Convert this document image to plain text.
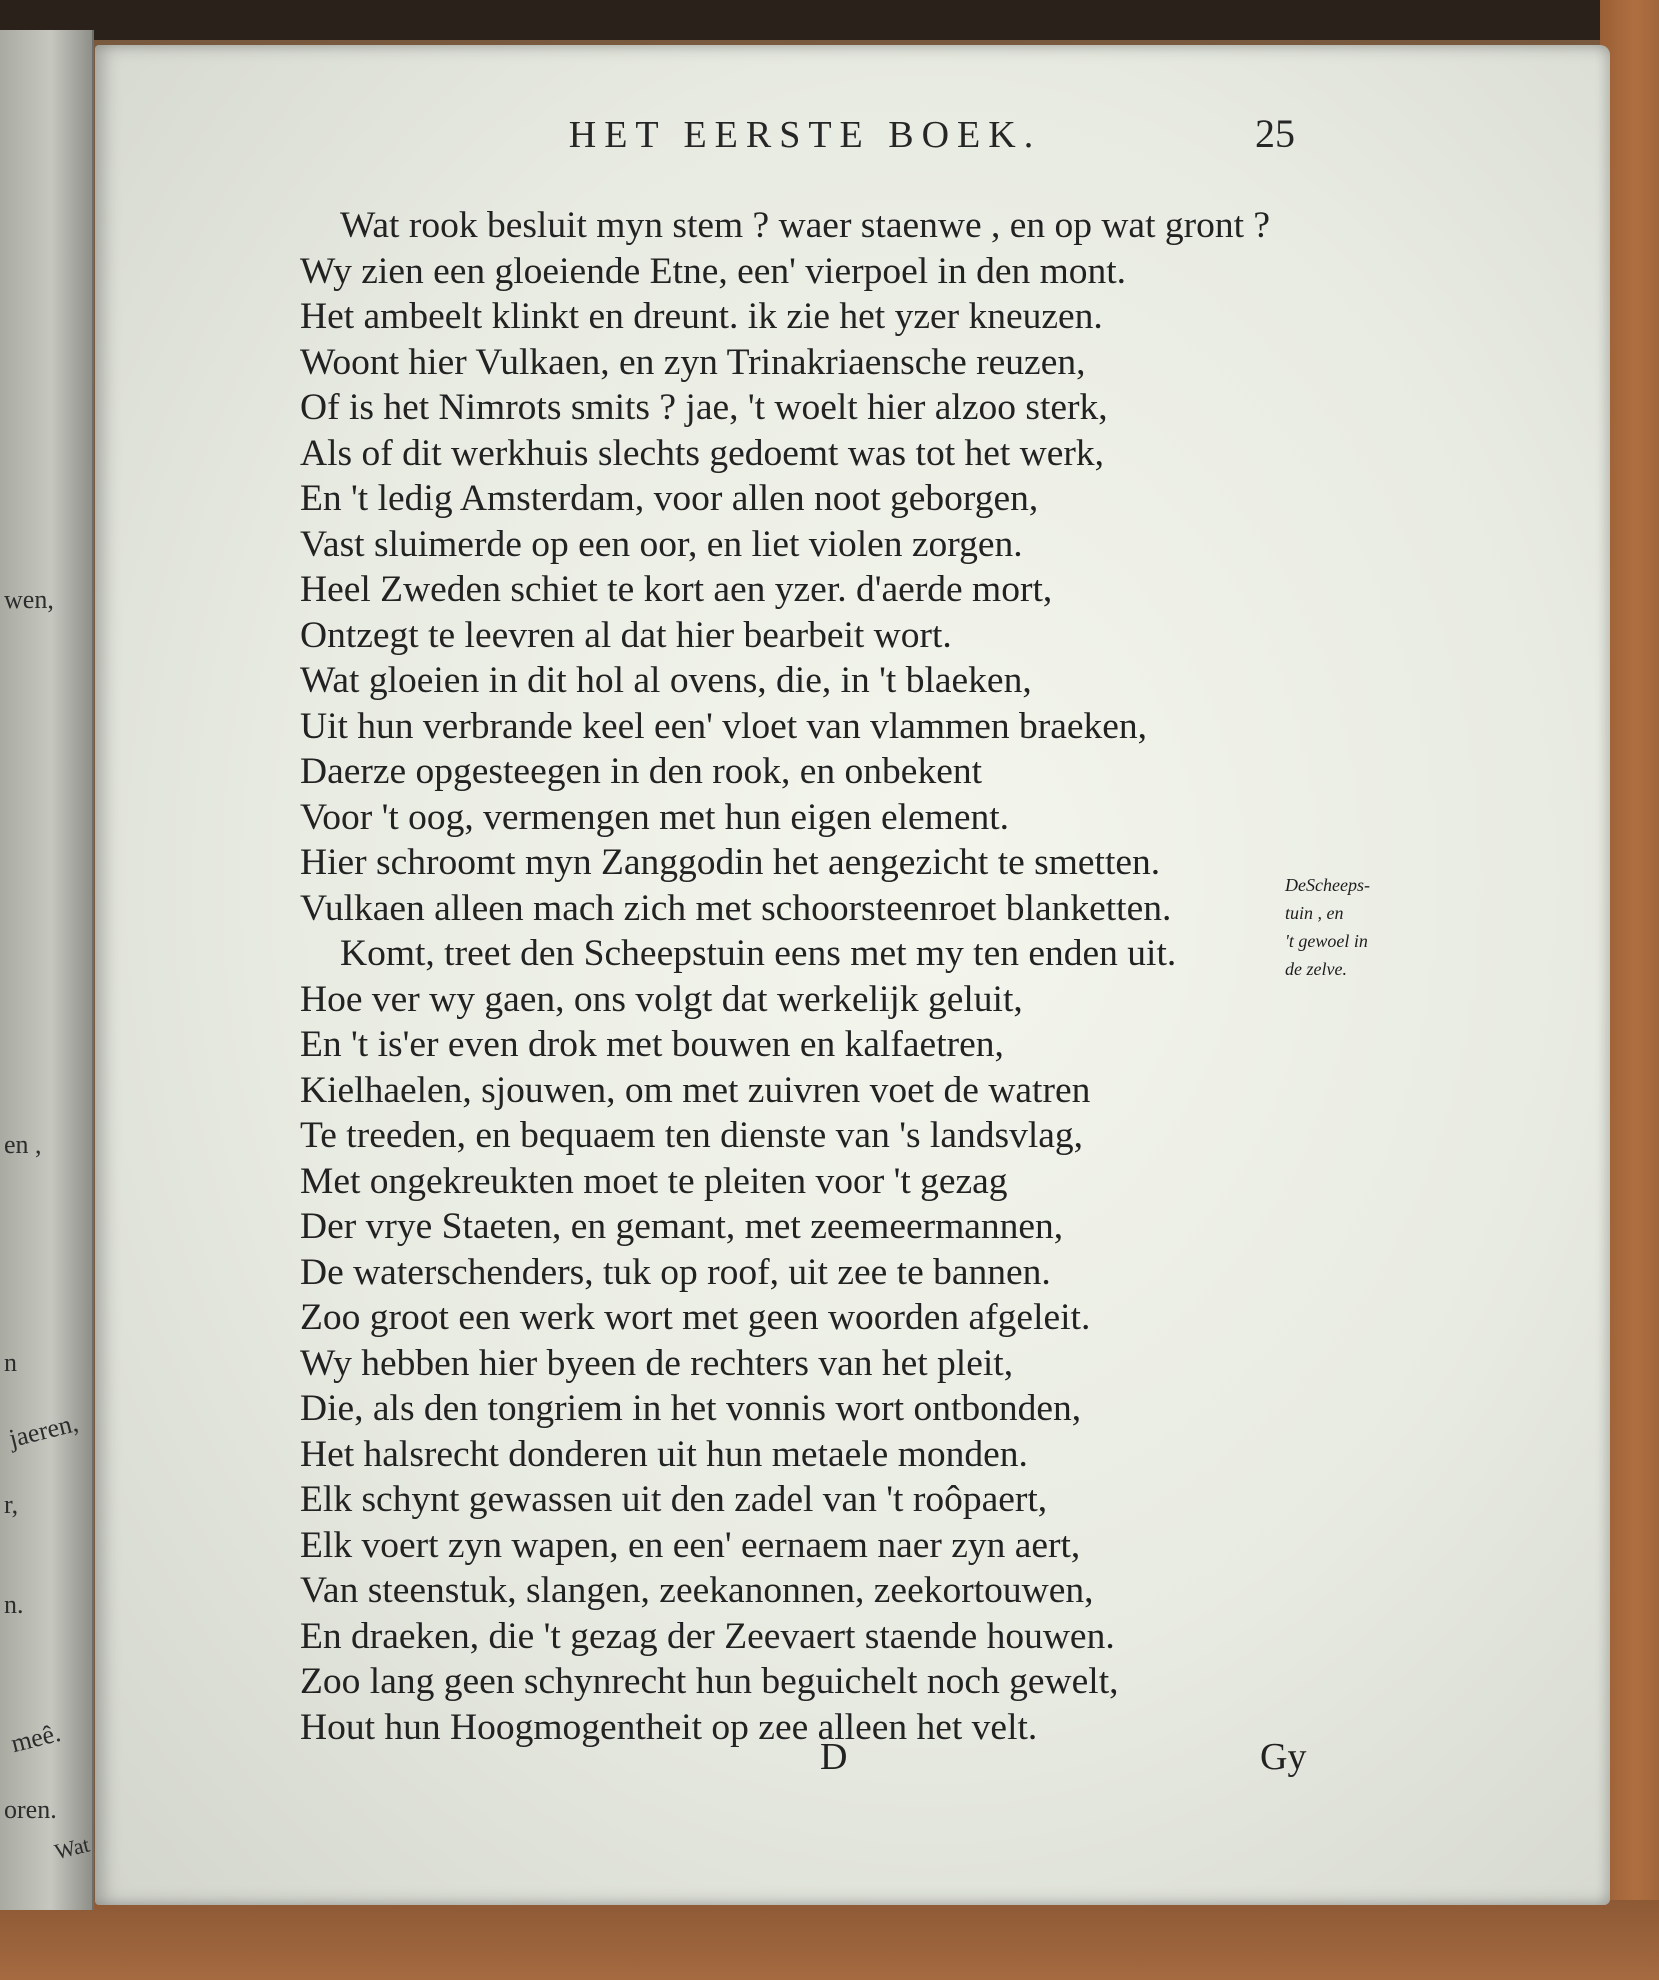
wen,
en ,
n
jaeren,
r,
n.
meê.
oren.
Wat
HET EERSTE BOEK.	25
Wat rook besluit myn stem ? waer staenwe , en op wat gront ?
Wy zien een gloeiende Etne, een' vierpoel in den mont.
Het ambeelt klinkt en dreunt. ik zie het yzer kneuzen.
Woont hier Vulkaen, en zyn Trinakriaensche reuzen,
Of is het Nimrots smits ? jae, 't woelt hier alzoo sterk,
Als of dit werkhuis slechts gedoemt was tot het werk,
En 't ledig Amsterdam, voor allen noot geborgen,
Vast sluimerde op een oor, en liet violen zorgen.
Heel Zweden schiet te kort aen yzer. d'aerde mort,
Ontzegt te leevren al dat hier bearbeit wort.
Wat gloeien in dit hol al ovens, die, in 't blaeken,
Uit hun verbrande keel een' vloet van vlammen braeken,
Daerze opgesteegen in den rook, en onbekent
Voor 't oog, vermengen met hun eigen element.
Hier schroomt myn Zanggodin het aengezicht te smetten.
Vulkaen alleen mach zich met schoorsteenroet blanketten.
Komt, treet den Scheepstuin eens met my ten enden uit.
Hoe ver wy gaen, ons volgt dat werkelijk geluit,
En 't is'er even drok met bouwen en kalfaetren,
Kielhaelen, sjouwen, om met zuivren voet de watren
Te treeden, en bequaem ten dienste van 's landsvlag,
Met ongekreukten moet te pleiten voor 't gezag
Der vrye Staeten, en gemant, met zeemeermannen,
De waterschenders, tuk op roof, uit zee te bannen.
Zoo groot een werk wort met geen woorden afgeleit.
Wy hebben hier byeen de rechters van het pleit,
Die, als den tongriem in het vonnis wort ontbonden,
Het halsrecht donderen uit hun metaele monden.
Elk schynt gewassen uit den zadel van 't roôpaert,
Elk voert zyn wapen, en een' eernaem naer zyn aert,
Van steenstuk, slangen, zeekanonnen, zeekortouwen,
En draeken, die 't gezag der Zeevaert staende houwen.
Zoo lang geen schynrecht hun beguichelt noch gewelt,
Hout hun Hoogmogentheit op zee alleen het velt.
DeScheeps-
tuin , en
't gewoel in
de zelve.
D	Gy
